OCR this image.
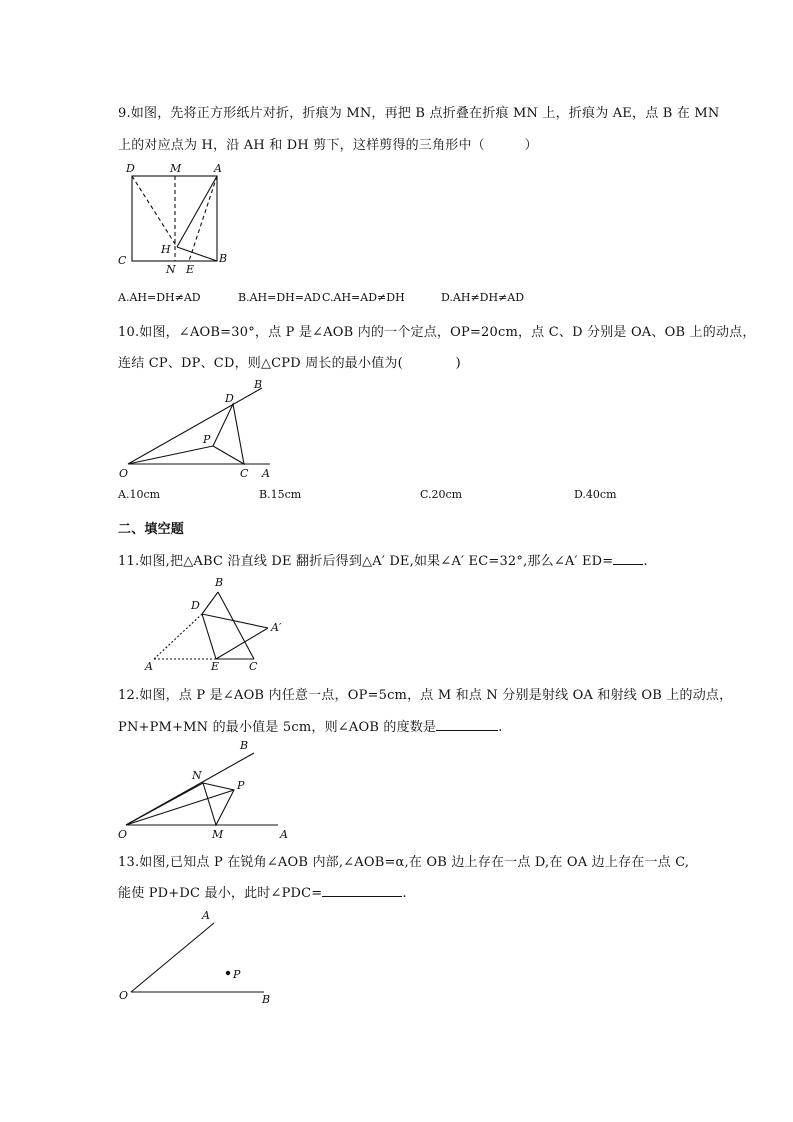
9.如图，先将正方形纸片对折，折痕为 MN，再把 B 点折叠在折痕 MN 上，折痕为 AE，点 B 在 MN
上的对应点为 H，沿 AH 和 DH 剪下，这样剪得的三角形中（　　　）
D	M	A
C
N E
B
H
A.AH=DH≠AD	B.AH=DH=AD C.AH=AD≠DH	D.AH≠DH≠AD
10.如图，∠AOB=30°，点 P 是∠AOB 内的一个定点，OP=20cm，点 C、D 分别是 OA、OB 上的动点，
连结 CP、DP、CD，则△CPD 周长的最小值为(　　　　)
O	A
B
C
D
P
A.10cm	B.15cm	C.20cm	D.40cm
二、填空题
11.如图,把△ABC 沿直线 DE 翻折后得到△A′ DE,如果∠A′ EC=32°,那么∠A′ ED= .
A
B
C
D
E
A′
12.如图，点 P 是∠AOB 内任意一点，OP=5cm，点 M 和点 N 分别是射线 OA 和射线 OB 上的动点，
PN+PM+MN 的最小值是 5cm，则∠AOB 的度数是	.
O	A
B
M
N
P
13.如图,已知点 P 在锐角∠AOB 内部,∠AOB=α,在 OB 边上存在一点 D,在 OA 边上存在一点 C,
能使 PD+DC 最小，此时∠PDC=	.
O
A
B
P
